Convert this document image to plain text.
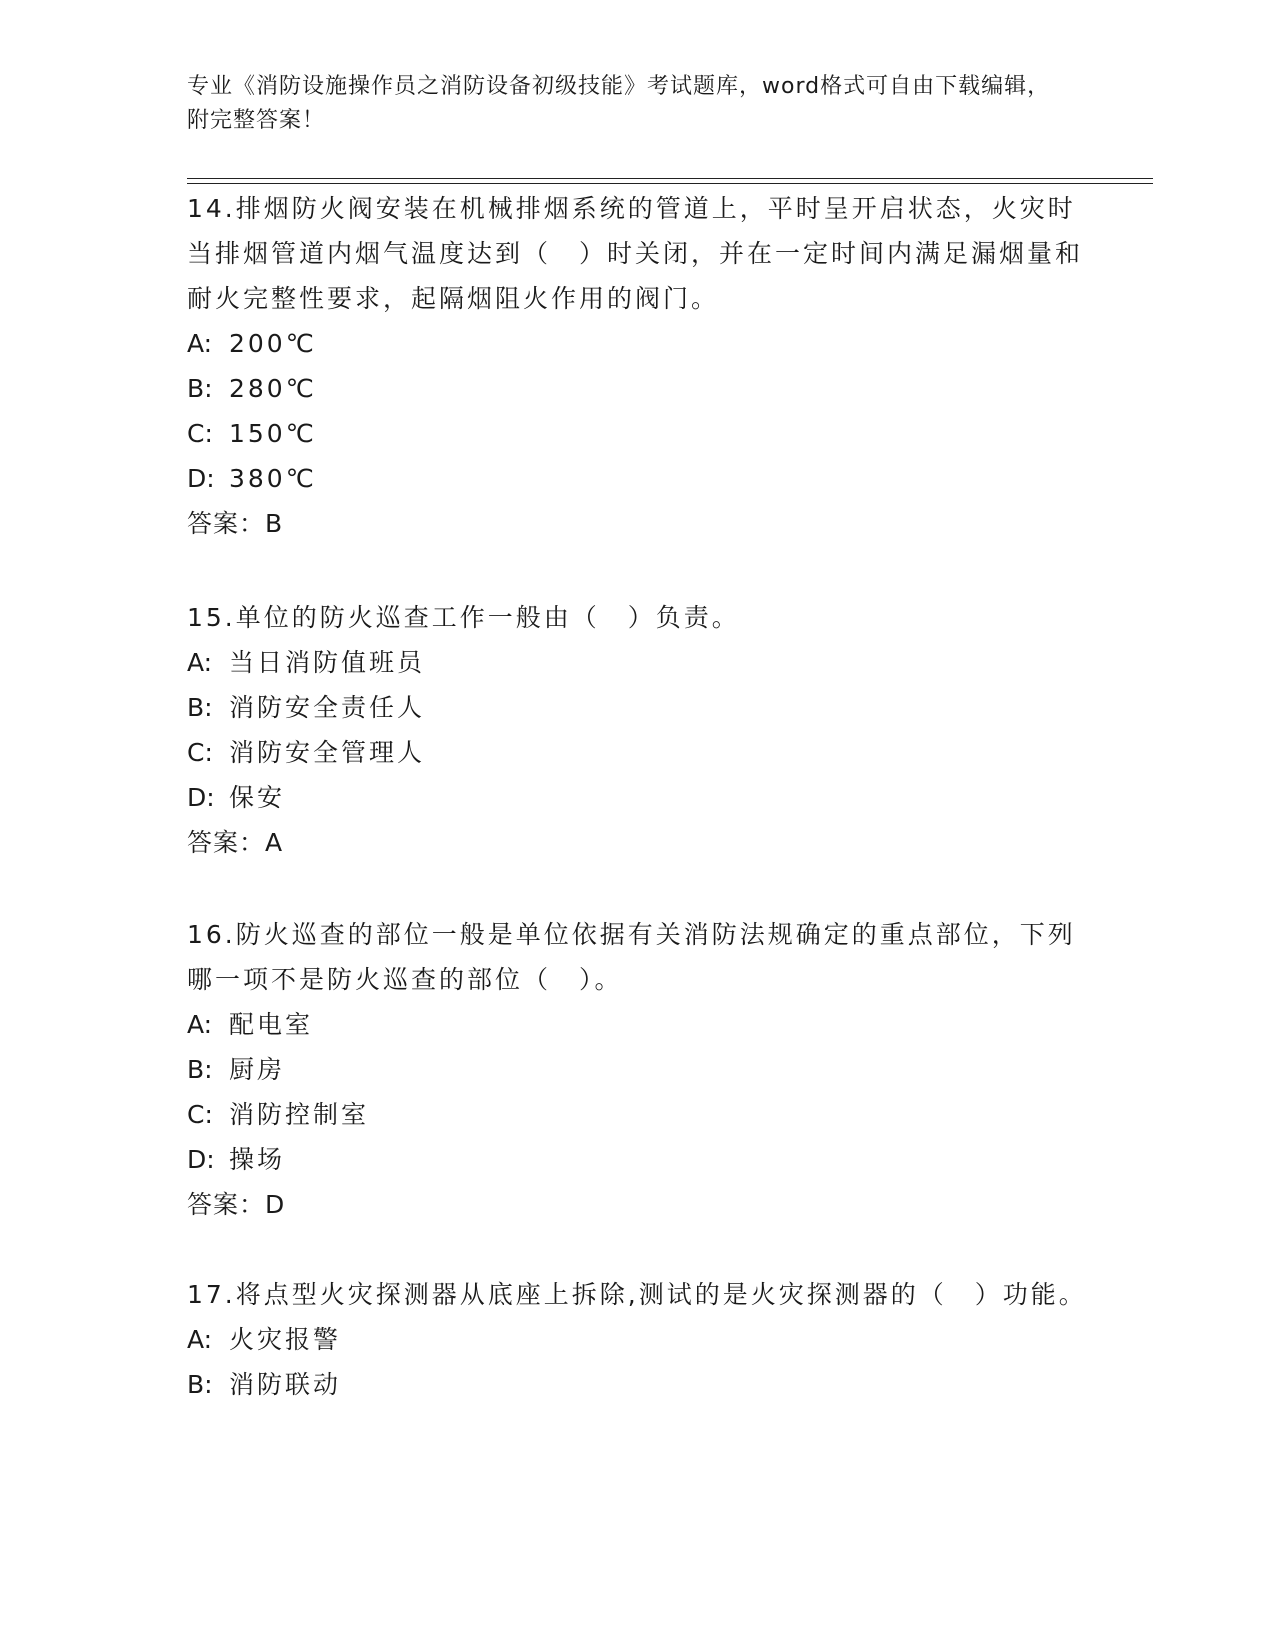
专业《消防设施操作员之消防设备初级技能》考试题库，word格式可自由下载编辑，附完整答案！

14.排烟防火阀安装在机械排烟系统的管道上，平时呈开启状态，火灾时当排烟管道内烟气温度达到（　）时关闭，并在一定时间内满足漏烟量和耐火完整性要求，起隔烟阻火作用的阀门。

A: 200℃

B: 280℃

C: 150℃

D: 380℃

答案：B

15.单位的防火巡查工作一般由（　）负责。

A: 当日消防值班员

B: 消防安全责任人

C: 消防安全管理人

D: 保安

答案：A

16.防火巡查的部位一般是单位依据有关消防法规确定的重点部位，下列哪一项不是防火巡查的部位（　）。

A: 配电室

B: 厨房

C: 消防控制室

D: 操场

答案：D

17.将点型火灾探测器从底座上拆除,测试的是火灾探测器的（　）功能。

A: 火灾报警

B: 消防联动
